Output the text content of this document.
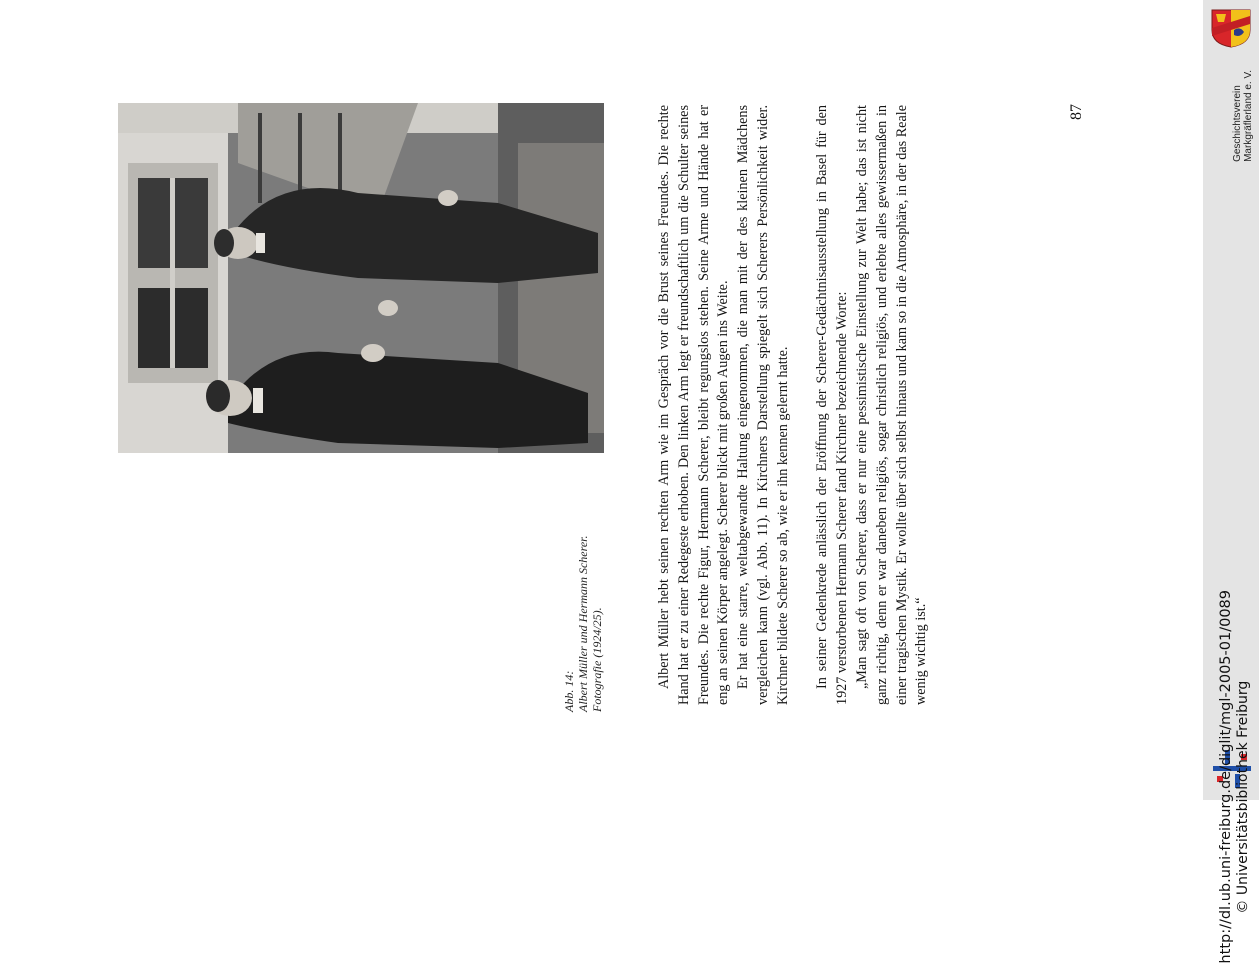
Geschichtsverein Markgräflerland e. V.
http://dl.ub.uni-freiburg.de/diglit/mgl-2005-01/0089 © Universitätsbibliothek Freiburg
87
Abb. 14: Albert Müller und Hermann Scherer. Fotografie (1924/25).	Albert Müller hebt seinen rechten Arm wie im Gespräch vor die Brust seines Freundes. Die rechte Hand hat er zu einer Redegeste erhoben. Den linken Arm legt er freundschaftlich um die Schulter seines Freundes. Die rechte Figur, Hermann Scherer, bleibt regungslos stehen. Seine Arme und Hände hat er eng an seinen Körper angelegt. Scherer blickt mit großen Augen ins Weite. Er hat eine starre, weltabgewandte Haltung eingenommen, die man mit der des kleinen Mädchens vergleichen kann (vgl. Abb. 11). In Kirchners Darstellung spiegelt sich Scherers Persönlichkeit wider. Kirchner bildete Scherer so ab, wie er ihn kennen gelernt hatte. In seiner Gedenkrede anlässlich der Eröffnung der Scherer-Gedächtnisausstellung in Basel für den 1927 verstorbenen Hermann Scherer fand Kirchner bezeichnende Worte: „Man sagt oft von Scherer, dass er nur eine pessimistische Einstellung zur Welt habe; das ist nicht ganz richtig, denn er war daneben religiös, sogar christlich religiös, und erlebte alles gewissermaßen in einer tragischen Mystik. Er wollte über sich selbst hinaus und kam so in die Atmosphäre, in der das Reale wenig wichtig ist.“
